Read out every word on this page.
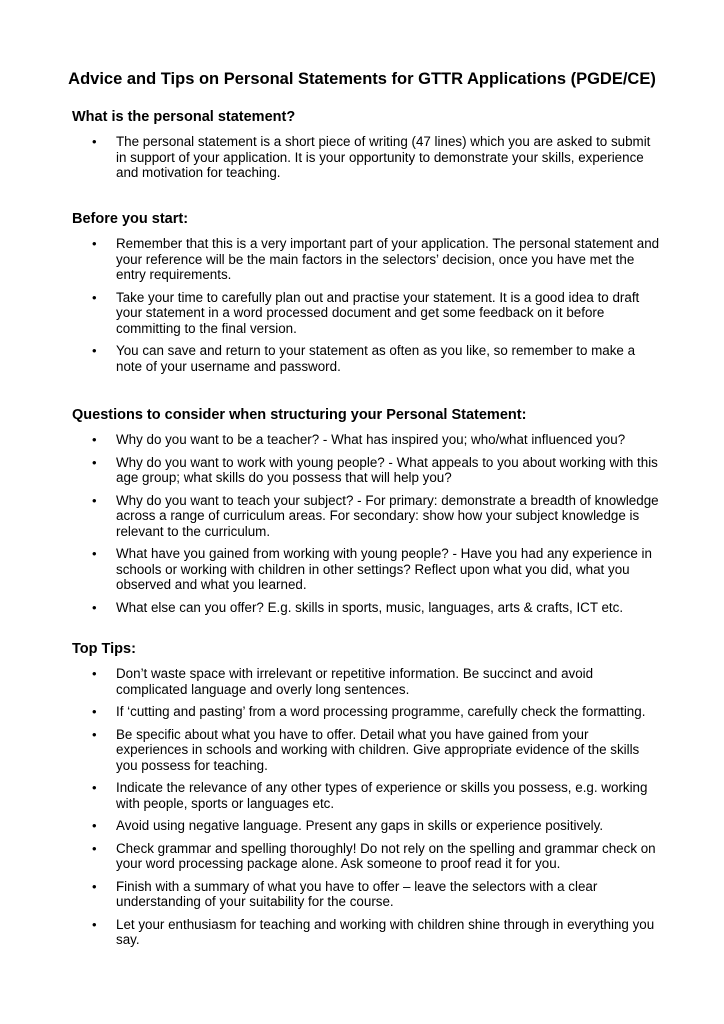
Advice and Tips on Personal Statements for GTTR Applications (PGDE/CE)
What is the personal statement?
• The personal statement is a short piece of writing (47 lines) which you are asked to submit in support of your application. It is your opportunity to demonstrate your skills, experience and motivation for teaching.
Before you start:
• Remember that this is a very important part of your application. The personal statement and your reference will be the main factors in the selectors’ decision, once you have met the entry requirements.
• Take your time to carefully plan out and practise your statement. It is a good idea to draft your statement in a word processed document and get some feedback on it before committing to the final version.
• You can save and return to your statement as often as you like, so remember to make a note of your username and password.
Questions to consider when structuring your Personal Statement:
• Why do you want to be a teacher? - What has inspired you; who/what influenced you?
• Why do you want to work with young people? - What appeals to you about working with this age group; what skills do you possess that will help you?
• Why do you want to teach your subject? - For primary: demonstrate a breadth of knowledge across a range of curriculum areas. For secondary: show how your subject knowledge is relevant to the curriculum.
• What have you gained from working with young people? - Have you had any experience in schools or working with children in other settings? Reflect upon what you did, what you observed and what you learned.
• What else can you offer? E.g. skills in sports, music, languages, arts & crafts, ICT etc.
Top Tips:
• Don’t waste space with irrelevant or repetitive information. Be succinct and avoid complicated language and overly long sentences.
• If ‘cutting and pasting’ from a word processing programme, carefully check the formatting.
• Be specific about what you have to offer. Detail what you have gained from your experiences in schools and working with children. Give appropriate evidence of the skills you possess for teaching.
• Indicate the relevance of any other types of experience or skills you possess, e.g. working with people, sports or languages etc.
• Avoid using negative language. Present any gaps in skills or experience positively.
• Check grammar and spelling thoroughly! Do not rely on the spelling and grammar check on your word processing package alone. Ask someone to proof read it for you.
• Finish with a summary of what you have to offer – leave the selectors with a clear understanding of your suitability for the course.
• Let your enthusiasm for teaching and working with children shine through in everything you say.
